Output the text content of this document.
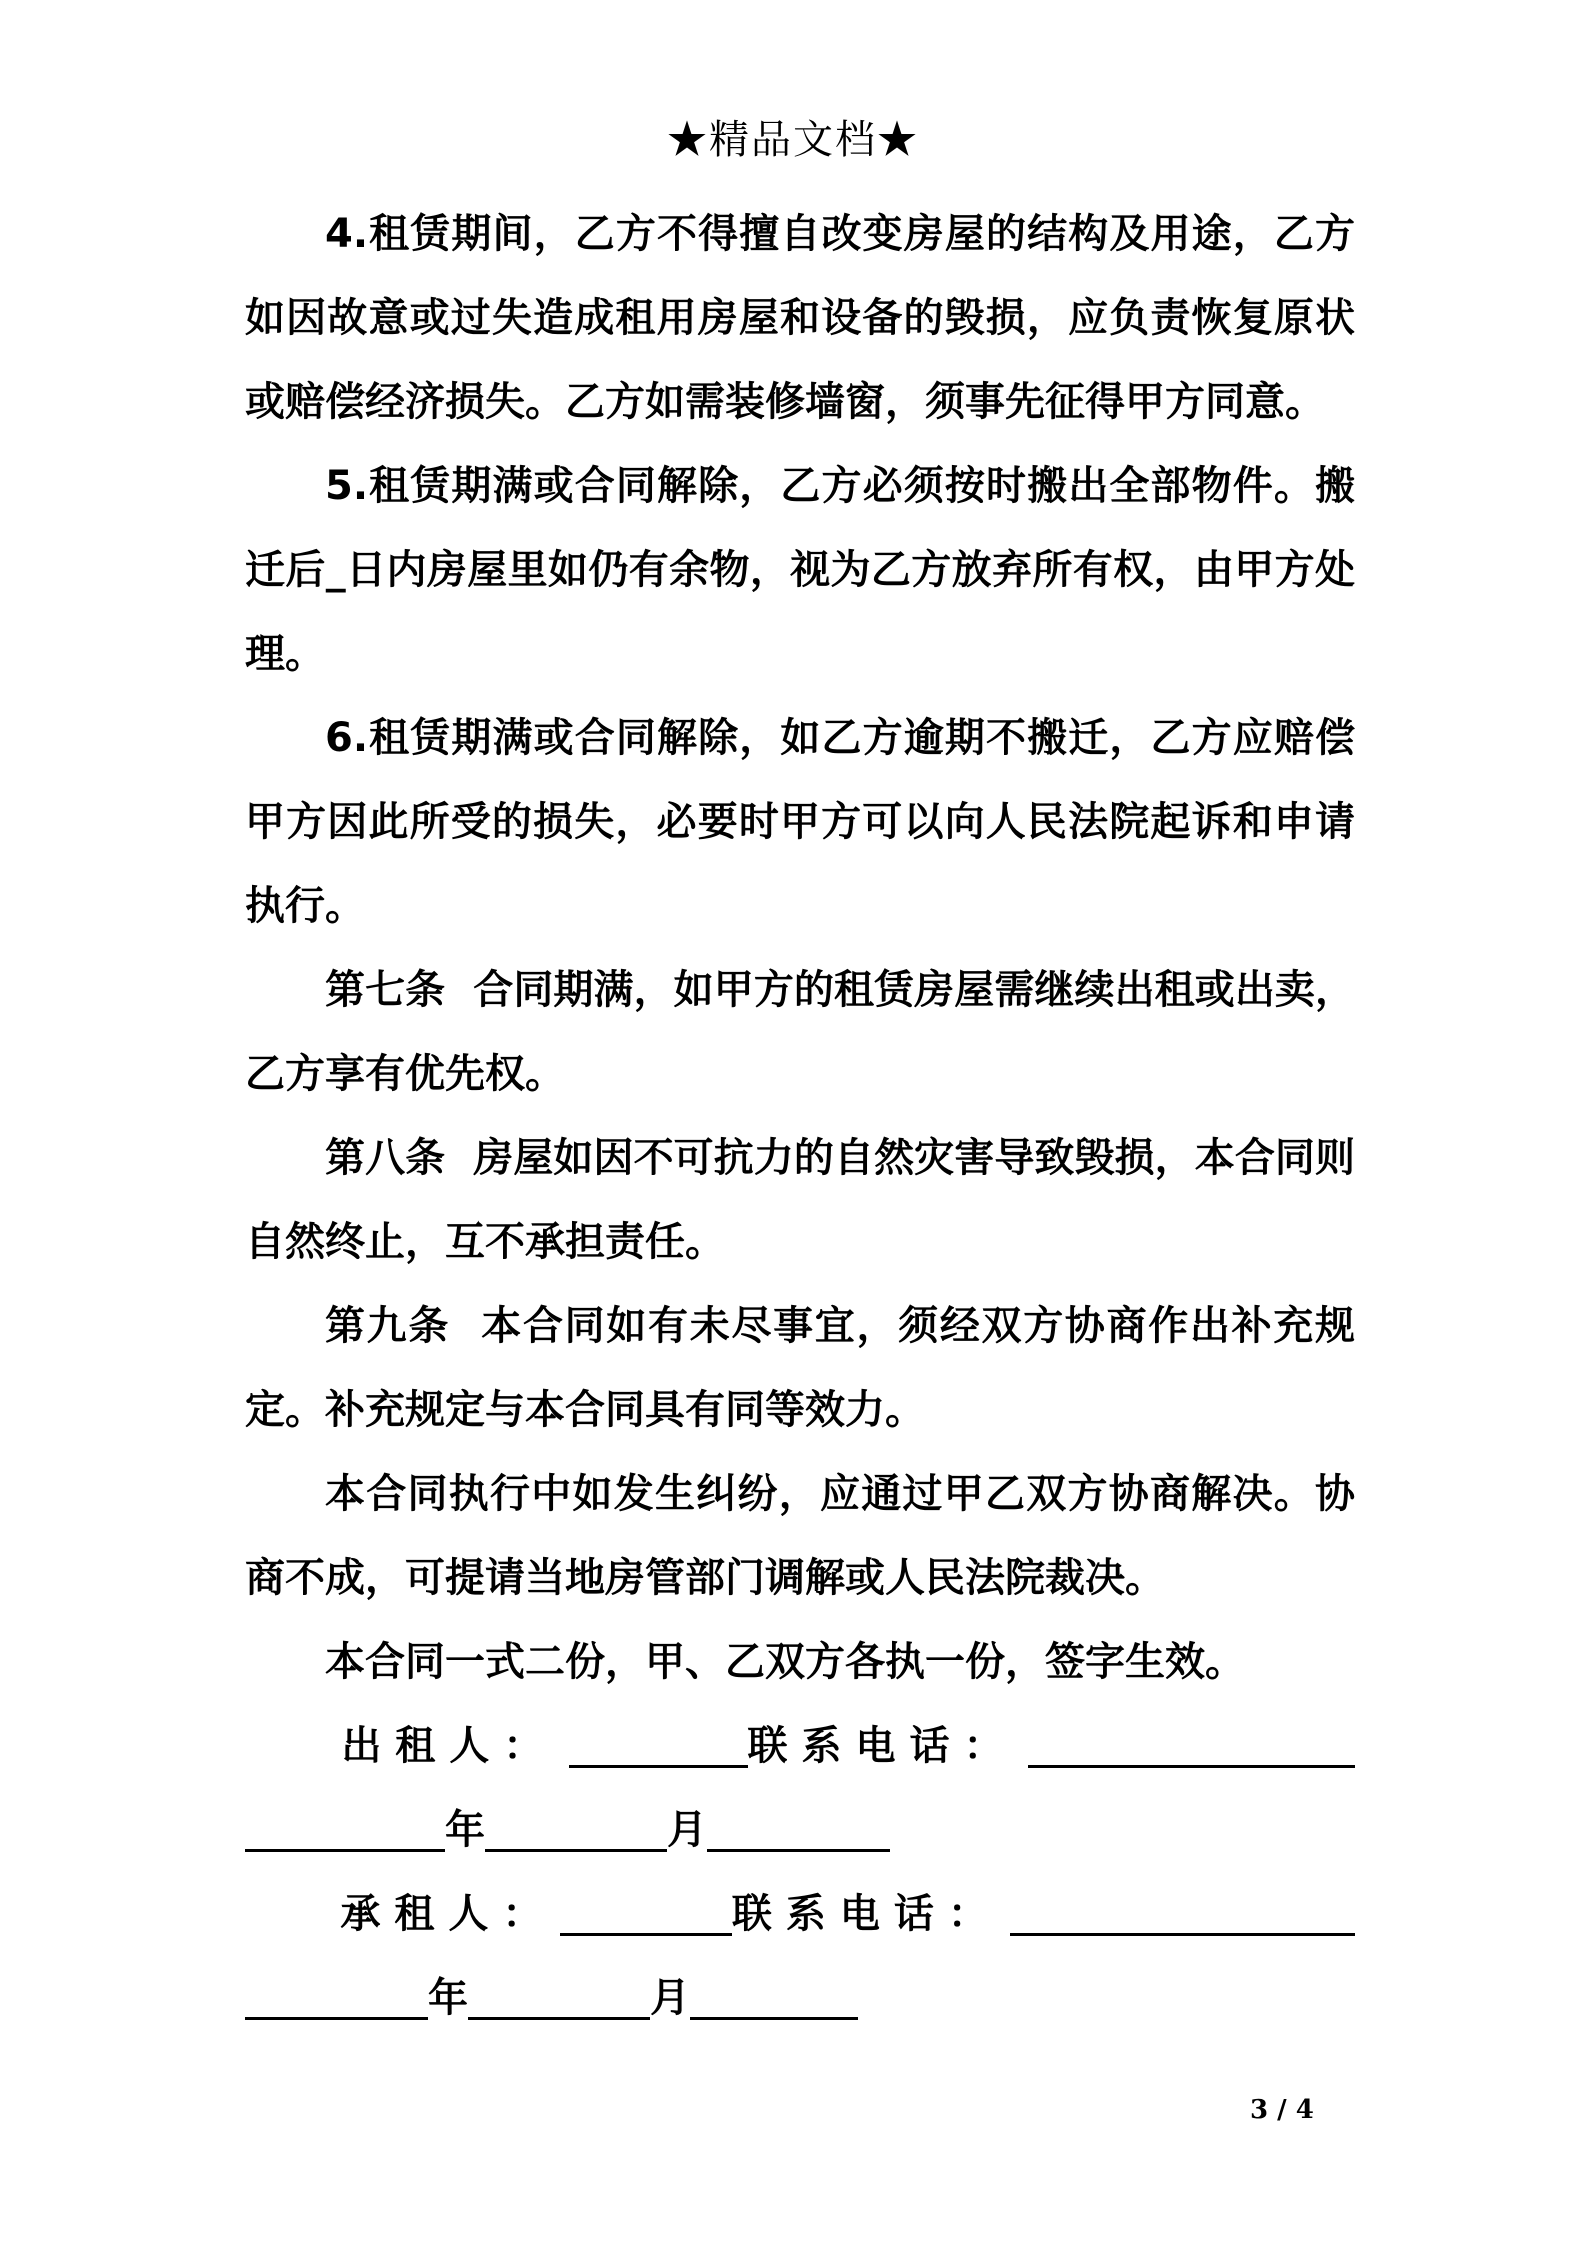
★精品文档★

4.租赁期间，乙方不得擅自改变房屋的结构及用途，乙方如因故意或过失造成租用房屋和设备的毁损，应负责恢复原状或赔偿经济损失。乙方如需装修墙窗，须事先征得甲方同意。

5.租赁期满或合同解除，乙方必须按时搬出全部物件。搬迁后_日内房屋里如仍有余物，视为乙方放弃所有权，由甲方处理。

6.租赁期满或合同解除，如乙方逾期不搬迁，乙方应赔偿甲方因此所受的损失，必要时甲方可以向人民法院起诉和申请执行。

第七条  合同期满，如甲方的租赁房屋需继续出租或出卖，乙方享有优先权。

第八条  房屋如因不可抗力的自然灾害导致毁损，本合同则自然终止，互不承担责任。

第九条  本合同如有未尽事宜，须经双方协商作出补充规定。补充规定与本合同具有同等效力。

本合同执行中如发生纠纷，应通过甲乙双方协商解决。协商不成，可提请当地房管部门调解或人民法院裁决。

本合同一式二份，甲、乙双方各执一份，签字生效。

出租人：	联系电话：
年	月
承租人：	联系电话：
年	月
3 / 4
